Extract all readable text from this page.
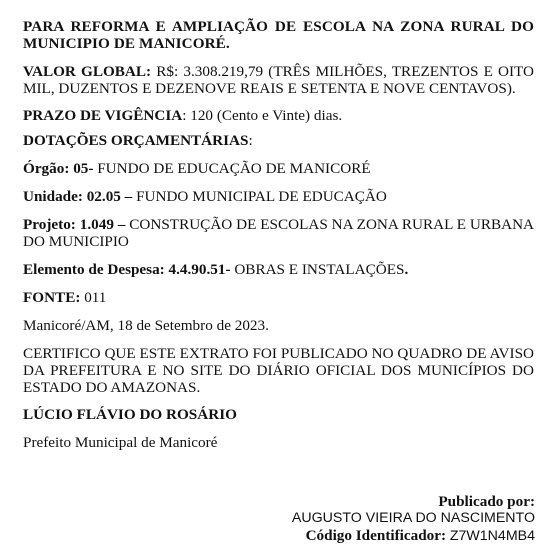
PARA REFORMA E AMPLIAÇÃO DE ESCOLA NA ZONA RURAL DO MUNICIPIO DE MANICORÉ.

VALOR GLOBAL: R$: 3.308.219,79 (TRÊS MILHÕES, TREZENTOS E OITO MIL, DUZENTOS E DEZENOVE REAIS E SETENTA E NOVE CENTAVOS).

PRAZO DE VIGÊNCIA: 120 (Cento e Vinte) dias.

DOTAÇÕES ORÇAMENTÁRIAS:

Órgão: 05- FUNDO DE EDUCAÇÃO DE MANICORÉ

Unidade: 02.05 – FUNDO MUNICIPAL DE EDUCAÇÃO

Projeto: 1.049 – CONSTRUÇÃO DE ESCOLAS NA ZONA RURAL E URBANA DO MUNICIPIO

Elemento de Despesa: 4.4.90.51- OBRAS E INSTALAÇÕES.

FONTE: 011

Manicoré/AM, 18 de Setembro de 2023.

CERTIFICO QUE ESTE EXTRATO FOI PUBLICADO NO QUADRO DE AVISO DA PREFEITURA E NO SITE DO DIÁRIO OFICIAL DOS MUNICÍPIOS DO ESTADO DO AMAZONAS.

LÚCIO FLÁVIO DO ROSÁRIO

Prefeito Municipal de Manicoré

Publicado por:
AUGUSTO VIEIRA DO NASCIMENTO
Código Identificador: Z7W1N4MB4
